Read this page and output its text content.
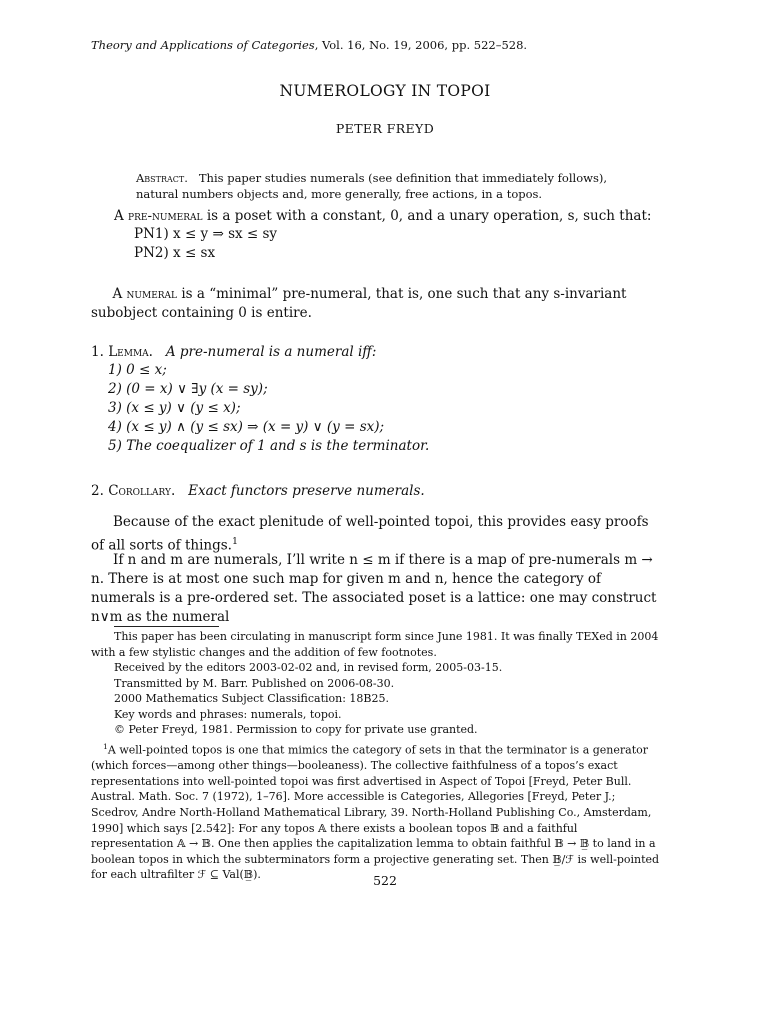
Theory and Applications of Categories, Vol. 16, No. 19, 2006, pp. 522–528.
NUMEROLOGY IN TOPOI
PETER FREYD
Abstract. This paper studies numerals (see definition that immediately follows), natural numbers objects and, more generally, free actions, in a topos.
A pre-numeral is a poset with a constant, 0, and a unary operation, s, such that:
PN1) x ≤ y ⇒ sx ≤ sy
PN2) x ≤ sx
A numeral is a “minimal” pre-numeral, that is, one such that any s-invariant subobject containing 0 is entire.
1. Lemma. A pre-numeral is a numeral iff:
1) 0 ≤ x;
2) (0 = x) ∨ ∃y (x = sy);
3) (x ≤ y) ∨ (y ≤ x);
4) (x ≤ y) ∧ (y ≤ sx) ⇒ (x = y) ∨ (y = sx);
5) The coequalizer of 1 and s is the terminator.
2. Corollary. Exact functors preserve numerals.
Because of the exact plenitude of well-pointed topoi, this provides easy proofs of all sorts of things.$^1$
If n and m are numerals, I’ll write n ≤ m if there is a map of pre-numerals m → n. There is at most one such map for given m and n, hence the category of numerals is a pre-ordered set. The associated poset is a lattice: one may construct n∨m as the numeral
This paper has been circulating in manuscript form since June 1981. It was finally TEXed in 2004 with a few stylistic changes and the addition of few footnotes.
Received by the editors 2003-02-02 and, in revised form, 2005-03-15.
Transmitted by M. Barr. Published on 2006-08-30.
2000 Mathematics Subject Classification: 18B25.
Key words and phrases: numerals, topoi.
© Peter Freyd, 1981. Permission to copy for private use granted.
$^1$A well-pointed topos is one that mimics the category of sets in that the terminator is a generator (which forces—among other things—booleaness). The collective faithfulness of a topos’s exact representations into well-pointed topoi was first advertised in Aspect of Topoi [Freyd, Peter Bull. Austral. Math. Soc. 7 (1972), 1–76]. More accessible is Categories, Allegories [Freyd, Peter J.; Scedrov, Andre North-Holland Mathematical Library, 39. North-Holland Publishing Co., Amsterdam, 1990] which says [2.542]: For any topos 𝔸 there exists a boolean topos 𝔹 and a faithful representation 𝔸 → 𝔹. One then applies the capitalization lemma to obtain faithful 𝔹 → 𝔹̲ to land in a boolean topos in which the subterminators form a projective generating set. Then 𝔹̲/ℱ is well-pointed for each ultrafilter ℱ ⊆ Val(𝔹̲).	522
